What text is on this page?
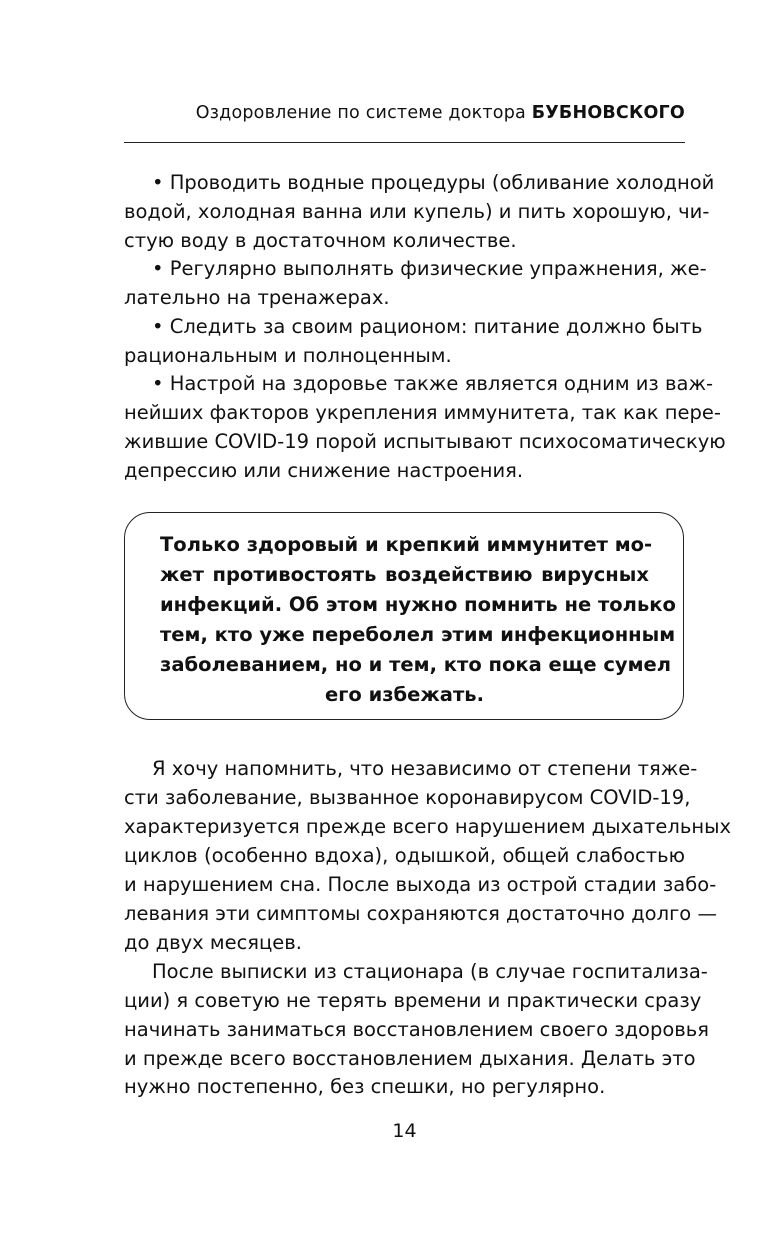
Оздоровление по системе доктора БУБНОВСКОГО
• Проводить водные процедуры (обливание холодной
водой, холодная ванна или купель) и пить хорошую, чи-
стую воду в достаточном количестве.
• Регулярно выполнять физические упражнения, же-
лательно на тренажерах.
• Следить за своим рационом: питание должно быть
рациональным и полноценным.
• Настрой на здоровье также является одним из важ-
нейших факторов укрепления иммунитета, так как пере-
жившие COVID-19 порой испытывают психосоматическую
депрессию или снижение настроения.
Только здоровый и крепкий иммунитет мо-
жет противостоять воздействию вирусных
инфекций. Об этом нужно помнить не только
тем, кто уже переболел этим инфекционным
заболеванием, но и тем, кто пока еще сумел
его избежать.
Я хочу напомнить, что независимо от степени тяже-
сти заболевание, вызванное коронавирусом COVID-19,
характеризуется прежде всего нарушением дыхательных
циклов (особенно вдоха), одышкой, общей слабостью
и нарушением сна. После выхода из острой стадии забо-
левания эти симптомы сохраняются достаточно долго —
до двух месяцев.
После выписки из стационара (в случае госпитализа-
ции) я советую не терять времени и практически сразу
начинать заниматься восстановлением своего здоровья
и прежде всего восстановлением дыхания. Делать это
нужно постепенно, без спешки, но регулярно.
14
